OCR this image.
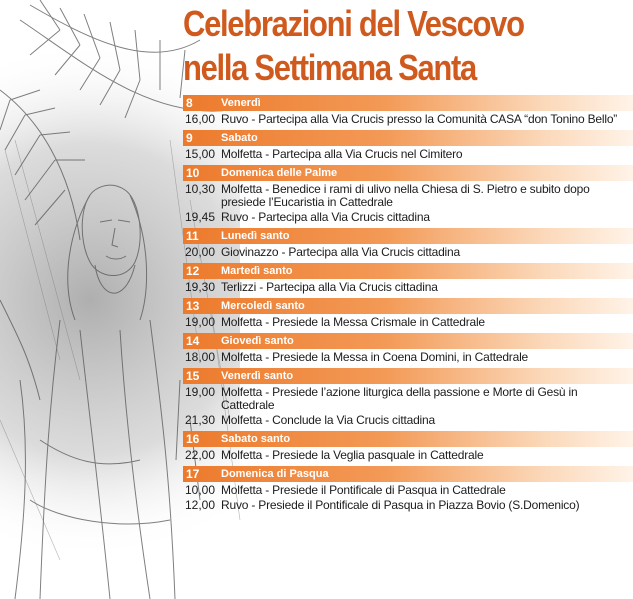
Celebrazioni del Vescovo
nella Settimana Santa
8	Venerdì
16,00 Ruvo - Partecipa alla Via Crucis presso la Comunità CASA “don Tonino Bello”
9	Sabato
15,00 Molfetta - Partecipa alla Via Crucis nel Cimitero
10	Domenica delle Palme
10,30 Molfetta - Benedice i rami di ulivo nella Chiesa di S. Pietro e subito dopo presiede l’Eucaristia in Cattedrale
19,45 Ruvo - Partecipa alla Via Crucis cittadina
11	Lunedì santo
20,00 Giovinazzo - Partecipa alla Via Crucis cittadina
12	Martedì santo
19,30 Terlizzi - Partecipa alla Via Crucis cittadina
13	Mercoledì santo
19,00 Molfetta - Presiede la Messa Crismale in Cattedrale
14	Giovedì santo
18,00 Molfetta - Presiede la Messa in Coena Domini, in Cattedrale
15	Venerdì santo
19,00 Molfetta - Presiede l’azione liturgica della passione e Morte di Gesù in Cattedrale
21,30 Molfetta - Conclude la Via Crucis cittadina
16	Sabato santo
22,00 Molfetta - Presiede la Veglia pasquale in Cattedrale
17	Domenica di Pasqua
10,00 Molfetta - Presiede il Pontificale di Pasqua in Cattedrale
12,00 Ruvo - Presiede il Pontificale di Pasqua in Piazza Bovio (S.Domenico)
